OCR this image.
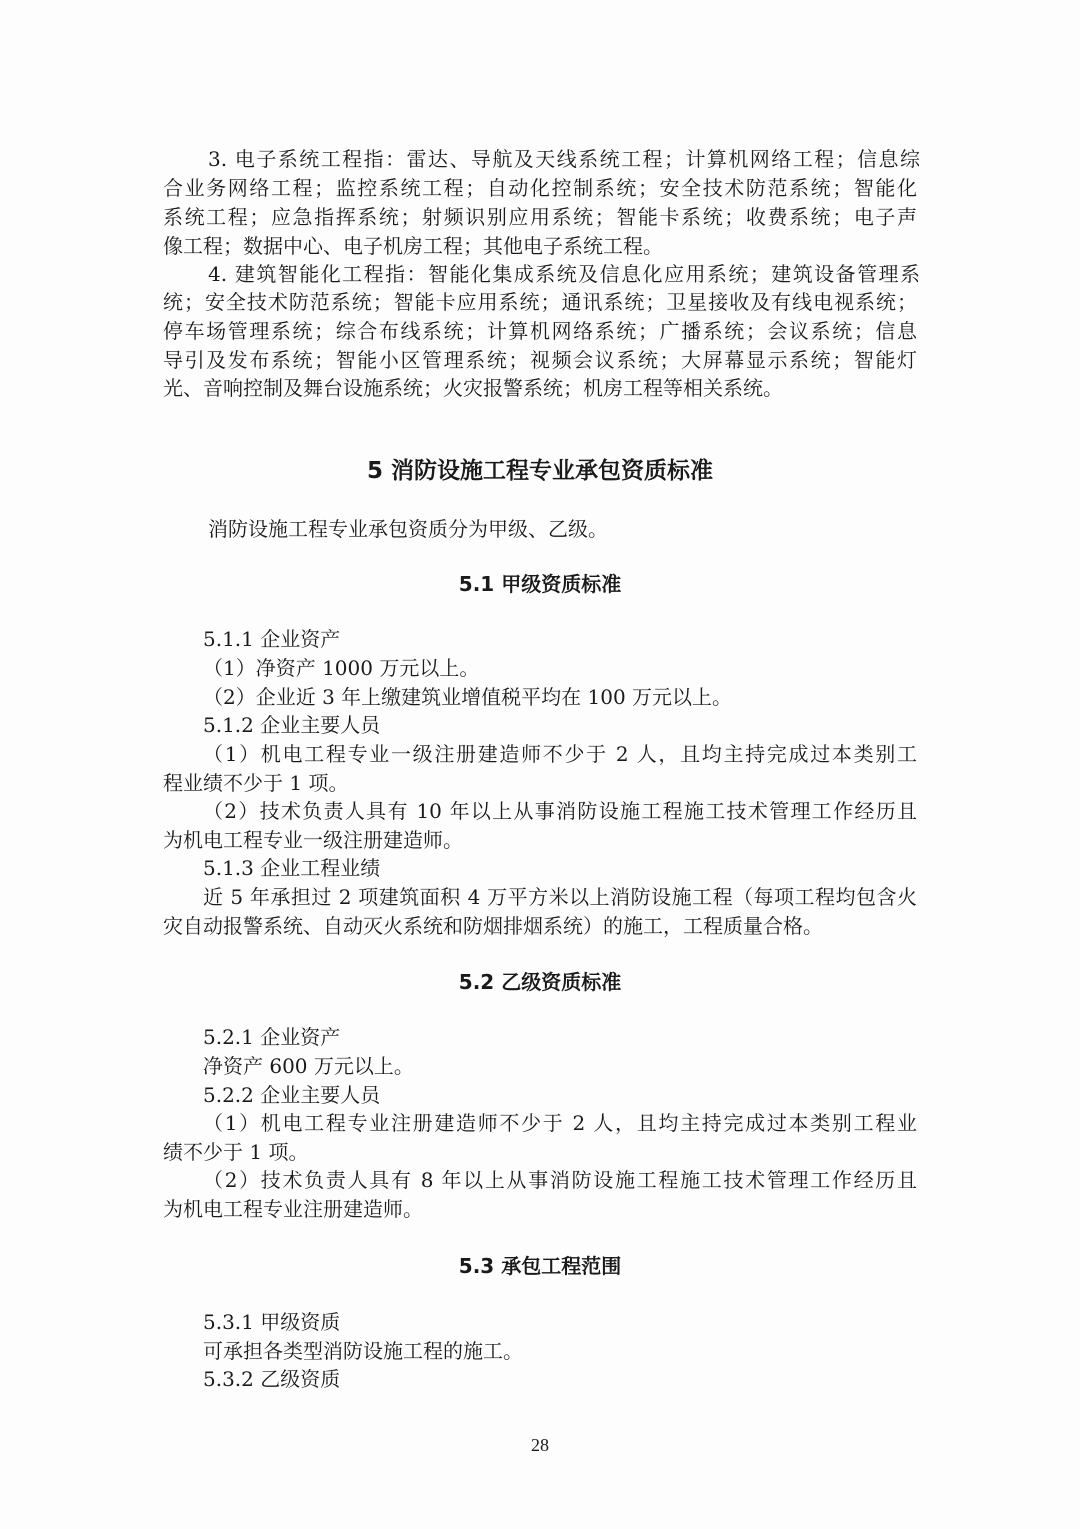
3. 电子系统工程指：雷达、导航及天线系统工程；计算机网络工程；信息综
合业务网络工程；监控系统工程；自动化控制系统；安全技术防范系统；智能化
系统工程；应急指挥系统；射频识别应用系统；智能卡系统；收费系统；电子声
像工程；数据中心、电子机房工程；其他电子系统工程。
4. 建筑智能化工程指：智能化集成系统及信息化应用系统；建筑设备管理系
统；安全技术防范系统；智能卡应用系统；通讯系统；卫星接收及有线电视系统；
停车场管理系统；综合布线系统；计算机网络系统；广播系统；会议系统；信息
导引及发布系统；智能小区管理系统；视频会议系统；大屏幕显示系统；智能灯
光、音响控制及舞台设施系统；火灾报警系统；机房工程等相关系统。
5 消防设施工程专业承包资质标准
消防设施工程专业承包资质分为甲级、乙级。
5.1 甲级资质标准
5.1.1 企业资产
（1）净资产 1000 万元以上。
（2）企业近 3 年上缴建筑业增值税平均在 100 万元以上。
5.1.2 企业主要人员
（1）机电工程专业一级注册建造师不少于 2 人，且均主持完成过本类别工
程业绩不少于 1 项。
（2）技术负责人具有 10 年以上从事消防设施工程施工技术管理工作经历且
为机电工程专业一级注册建造师。
5.1.3 企业工程业绩
近 5 年承担过 2 项建筑面积 4 万平方米以上消防设施工程（每项工程均包含火
灾自动报警系统、自动灭火系统和防烟排烟系统）的施工，工程质量合格。
5.2 乙级资质标准
5.2.1 企业资产
净资产 600 万元以上。
5.2.2 企业主要人员
（1）机电工程专业注册建造师不少于 2 人，且均主持完成过本类别工程业
绩不少于 1 项。
（2）技术负责人具有 8 年以上从事消防设施工程施工技术管理工作经历且
为机电工程专业注册建造师。
5.3 承包工程范围
5.3.1 甲级资质
可承担各类型消防设施工程的施工。
5.3.2 乙级资质
28
